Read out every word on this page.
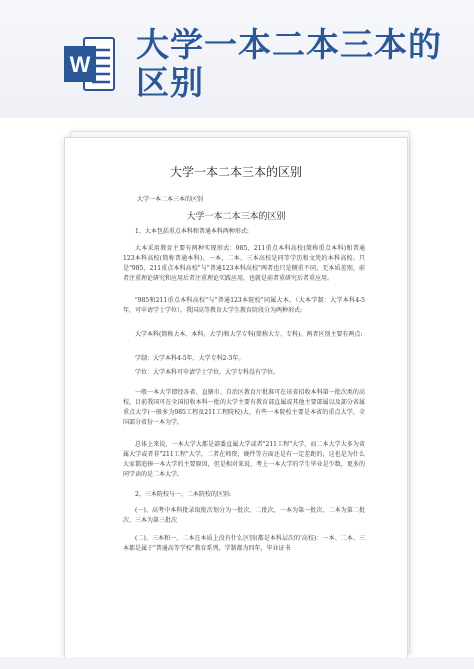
W
大学一本二本三本的区别
大学一本二本三本的区别
大学一本二本三本的区别
大学一本二本三本的区别

1、大本包括重点本科和普通本科两种形式:

大本采用教育主要有两种实现形式：985、211重点本科高校(简称重点本科)和普通123本科高校(简称普通本科)。一本、二本、三本高校是同等学历和文凭的本科高校。只是"985、211重点本科高校"与"普通123本科高校"两者也只是侧重不同，无本质差别，前者注重理论研究和应用后者注重理论实践应用，也就是前者重研究后者重应用。

"985和211重点本科高校"与"普通123本院校"同属大本。（大本学制：大学本科4-5年，可申请学士学位）。我国高等教育大学生教育阶段分为两种形式:

大学本科(简称大本、本科、大学)和大学专科(简称大专、专科)。两者区别主要有两点:

学制：大学本科4-5年，大学专科2-3年。

学位：大学本科可申请学士学位，大学专科没有学位。

一般一本大学即经各省、直辖市、自治区教育厅批准可在该省招收本科第一批次类的高校，目前我国可在全国招收本科一批的大学主要有教育部直属或其他主要部属以及部分省属重点大学(一般多为985工程及211工程院校)大，有些一本院校主要是本省的重点大学，全国部分省份一本为学。

总体上来说，一本大学大都是部委直属大学或者"211工程"大学，而二本大学大多为省属大学或者非"211工程"大学，二者在师资、硬件等方面还是有一定差距的，这也是为什么大家都追捧一本大学的主要原因，但是相对来说，考上一本大学的学生毕业是少数，更多的同学读的是二本大学。

2、三本院校与一、二本院校的区别:

(一)、高考中本科批录取批次划分为一批次、二批次，一本为第一批次、二本为第二批次、三本为第三批次

(二)、三本和一、二本在本质上没有什么区别(都是本科层次的'高校)：一本、二本、三本都是属于"普通高等学校"教育系列，学制都为四年，毕业证书
